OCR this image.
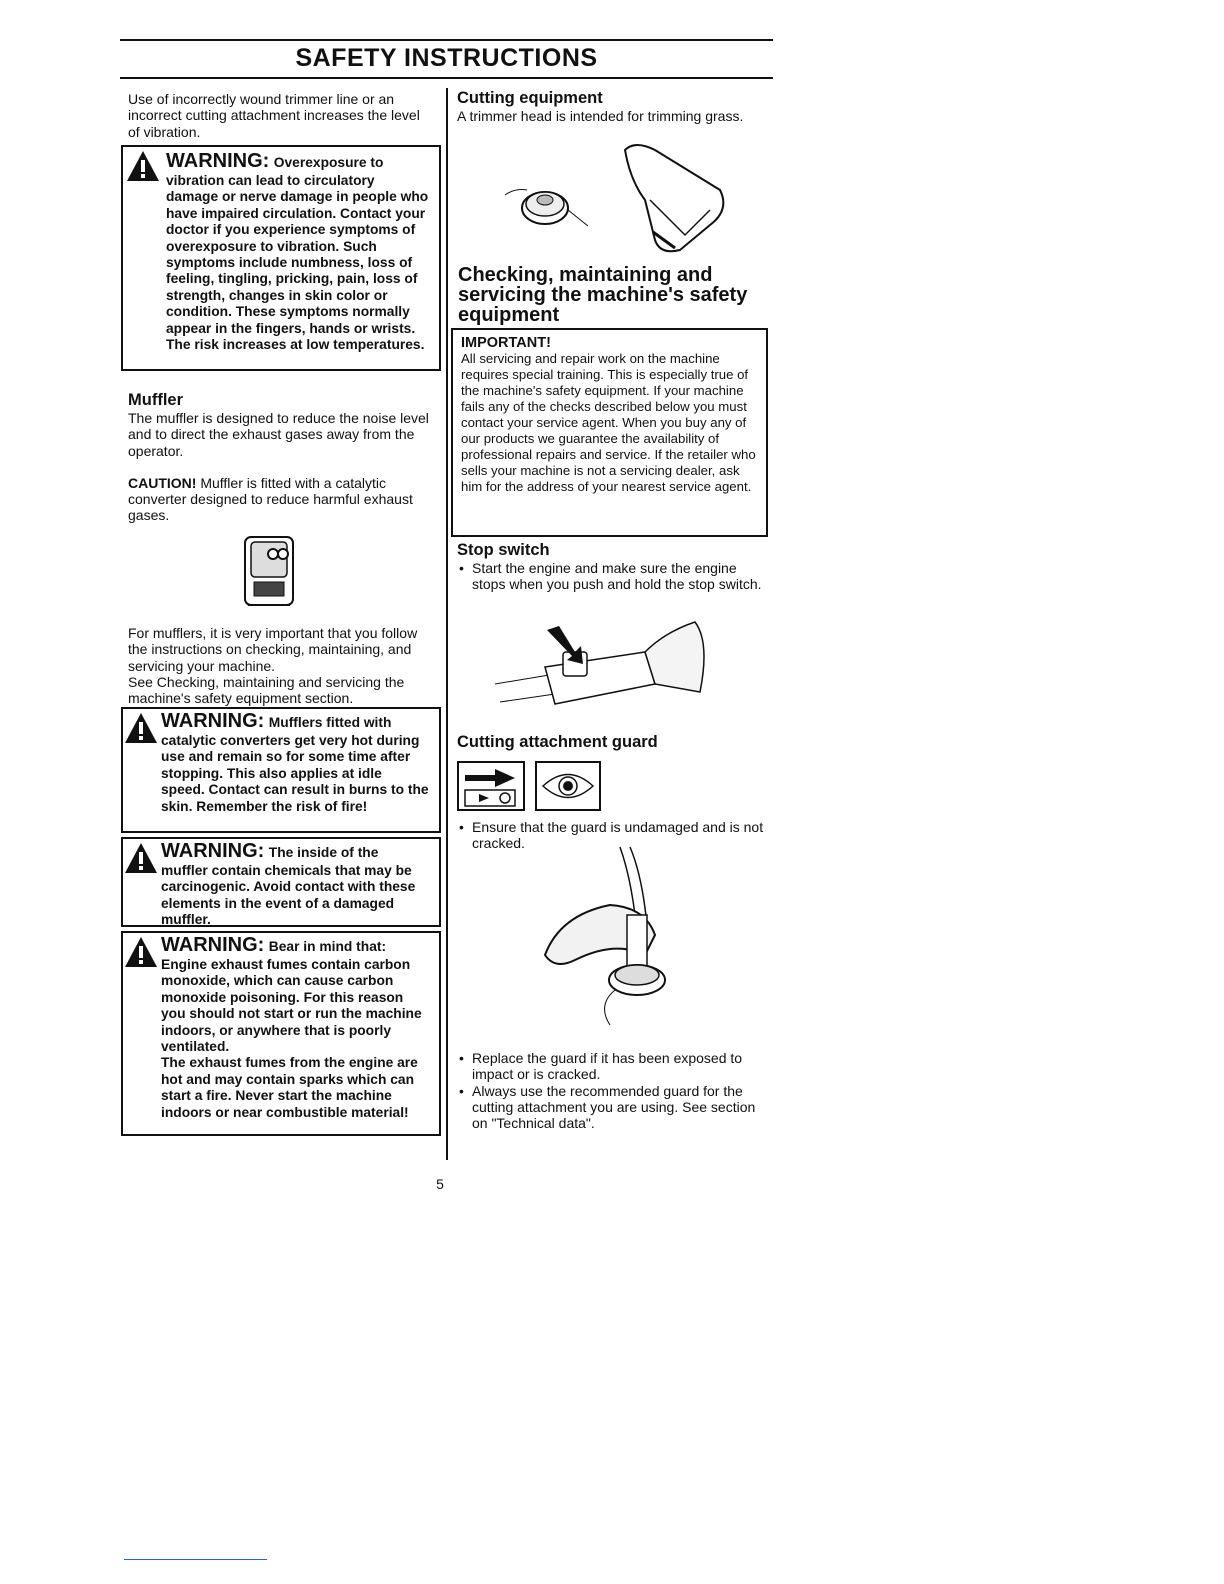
SAFETY INSTRUCTIONS

Use of incorrectly wound trimmer line or an incorrect cutting attachment increases the level of vibration.

WARNING: Overexposure to

vibration can lead to circulatory damage or nerve damage in people who have impaired circulation. Contact your doctor if you experience symptoms of overexposure to vibration. Such symptoms include numbness, loss of feeling, tingling, pricking, pain, loss of strength, changes in skin color or condition. These symptoms normally appear in the fingers, hands or wrists. The risk increases at low temperatures.

Muffler

The muffler is designed to reduce the noise level and to direct the exhaust gases away from the operator.

CAUTION! Muffler is fitted with a catalytic converter designed to reduce harmful exhaust gases.

For mufflers, it is very important that you follow the instructions on checking, maintaining, and servicing your machine.

See Checking, maintaining and servicing the machine's safety equipment section.

WARNING: Mufflers fitted with

catalytic converters get very hot during use and remain so for some time after stopping. This also applies at idle speed. Contact can result in burns to the skin. Remember the risk of fire!

WARNING: The inside of the

muffler contain chemicals that may be carcinogenic. Avoid contact with these elements in the event of a damaged muffler.

WARNING: Bear in mind that:

Engine exhaust fumes contain carbon monoxide, which can cause carbon monoxide poisoning. For this reason you should not start or run the machine indoors, or anywhere that is poorly ventilated.

The exhaust fumes from the engine are hot and may contain sparks which can start a fire. Never start the machine indoors or near combustible material!

Cutting equipment

A trimmer head is intended for trimming grass.

Checking, maintaining and servicing the machine's safety equipment

IMPORTANT!

All servicing and repair work on the machine requires special training. This is especially true of the machine's safety equipment. If your machine fails any of the checks described below you must contact your service agent. When you buy any of our products we guarantee the availability of professional repairs and service. If the retailer who sells your machine is not a servicing dealer, ask him for the address of your nearest service agent.

Stop switch

• Start the engine and make sure the engine stops when you push and hold the stop switch.

Cutting attachment guard

• Ensure that the guard is undamaged and is not cracked.
• Replace the guard if it has been exposed to impact or is cracked.
• Always use the recommended guard for the cutting attachment you are using. See section on "Technical data".
5
